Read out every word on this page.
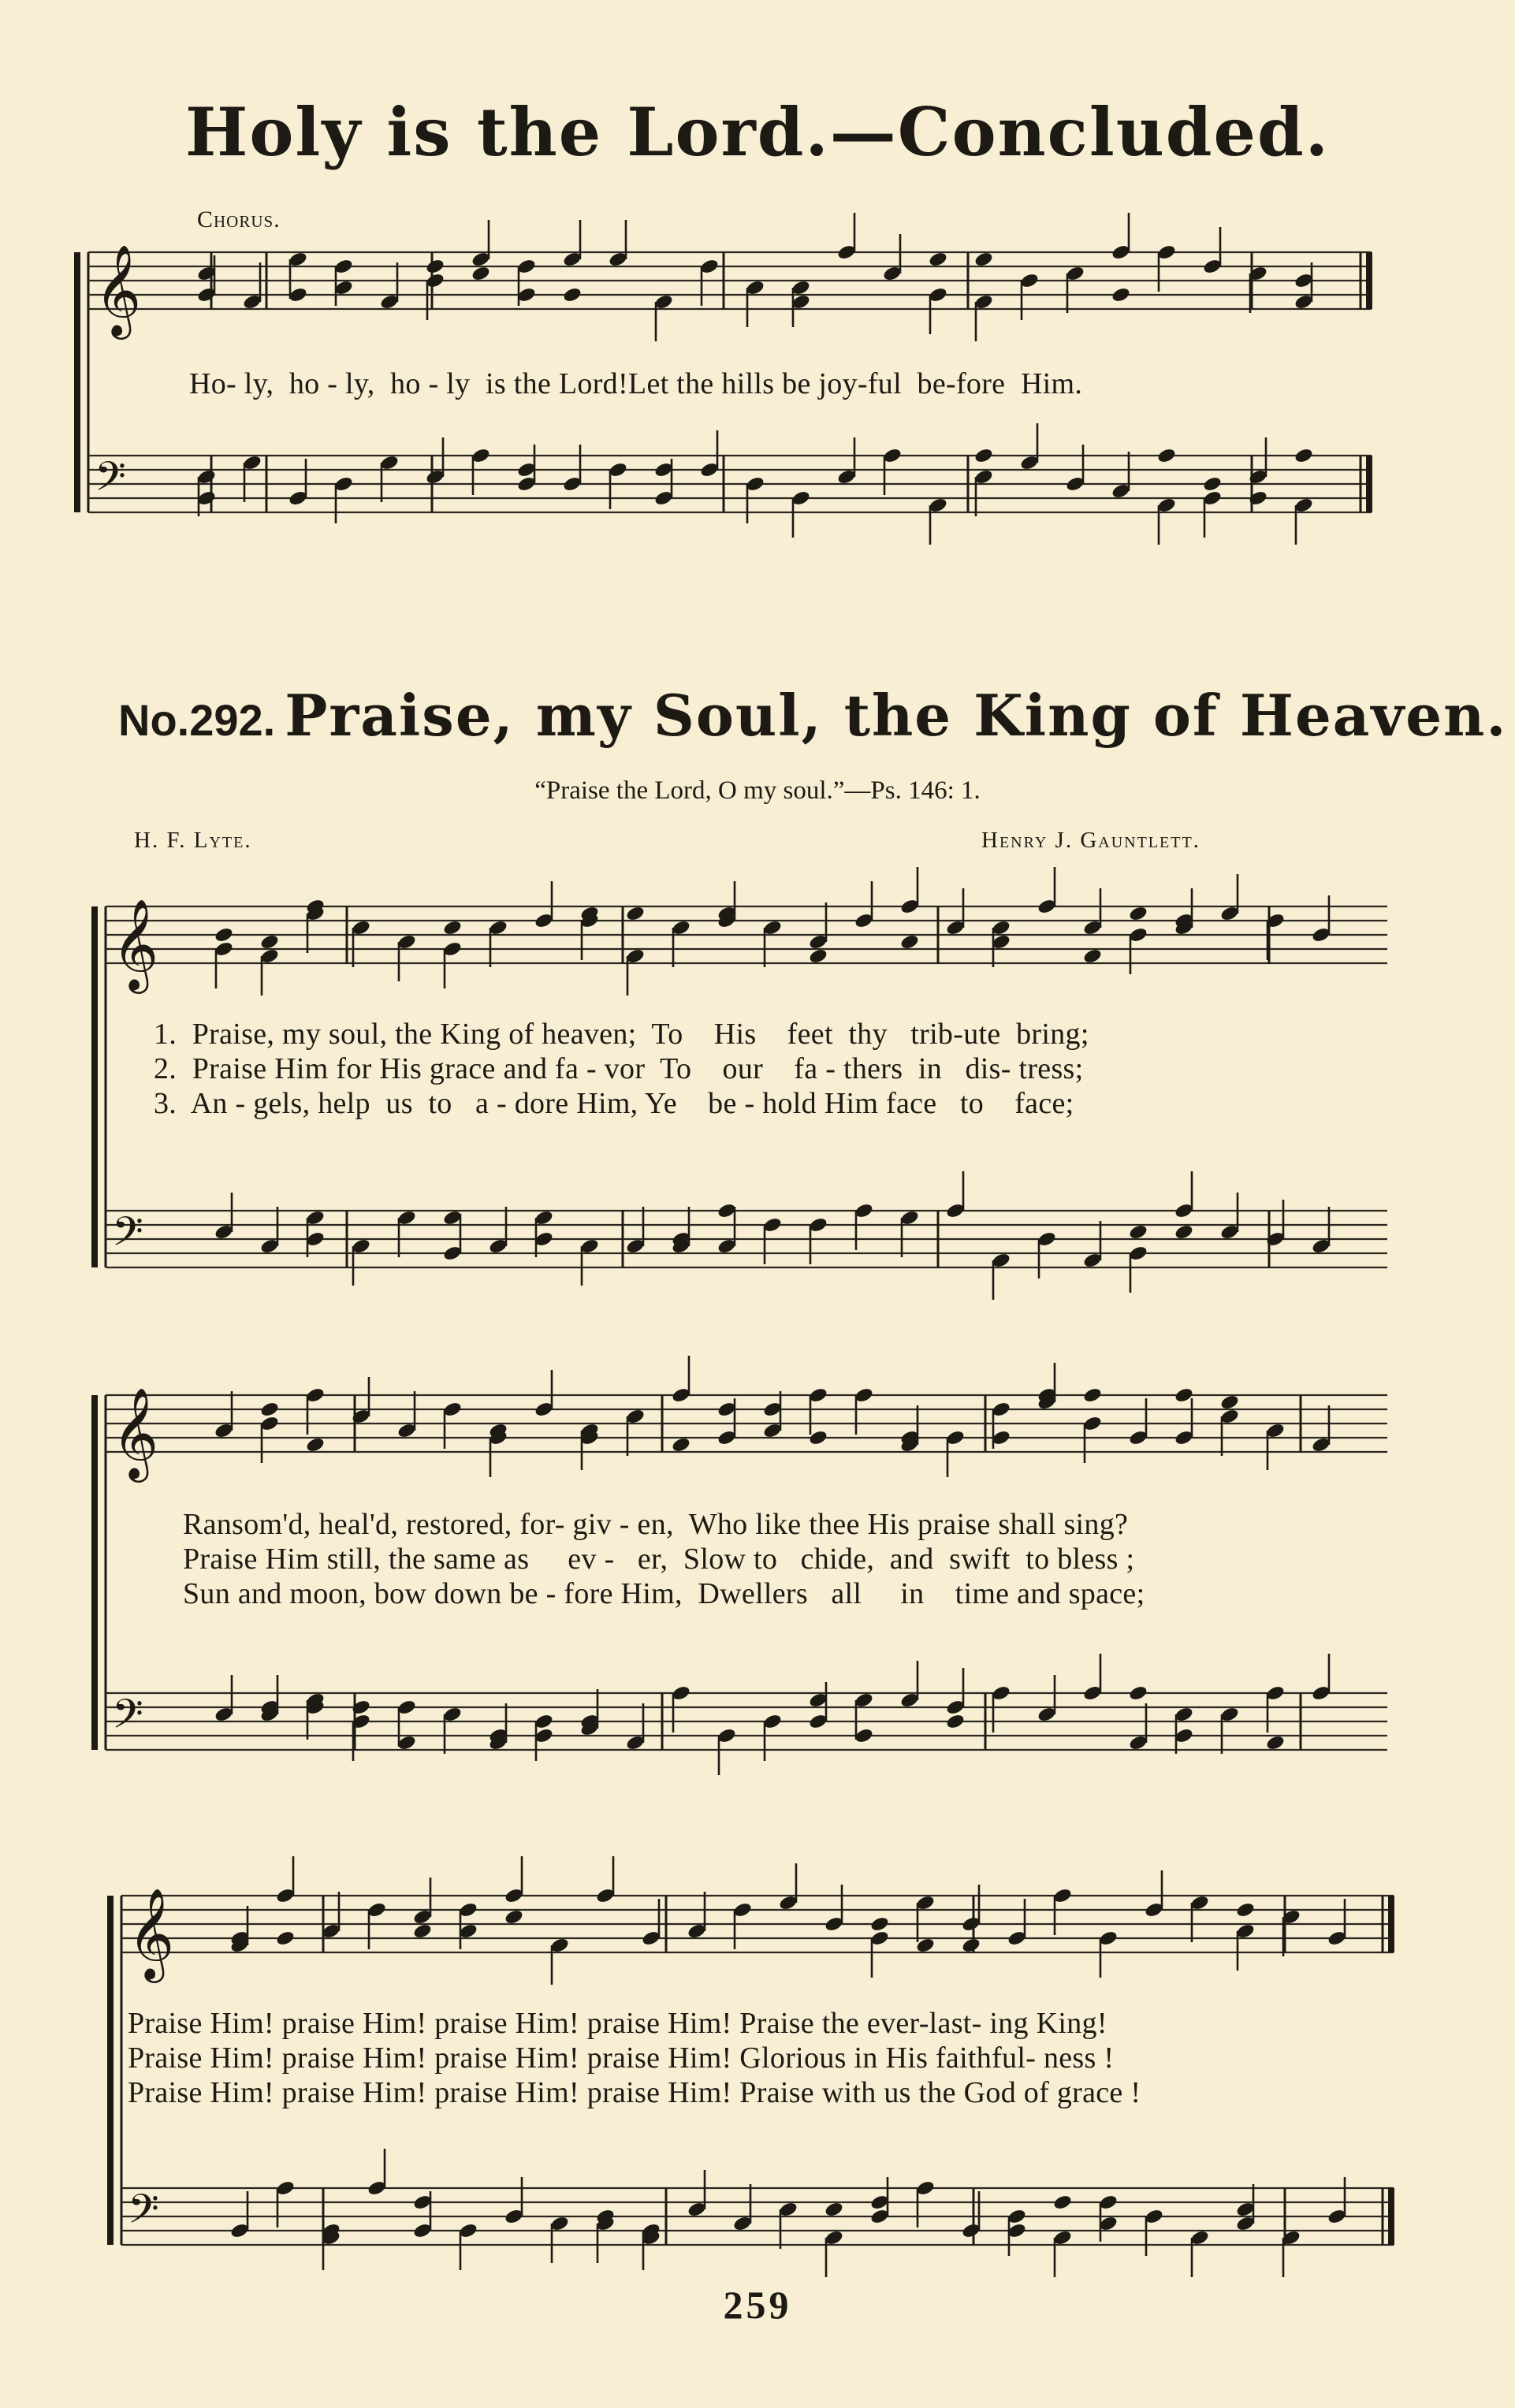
Holy is the Lord.—Concluded.
Chorus.
𝄞
𝄢
𝄞
𝄢
𝄞
𝄢
𝄞
𝄢
Ho- ly,  ho - ly,  ho - ly  is the Lord!Let the hills be joy-ful  be-fore  Him.
No.292. Praise, my Soul, the King of Heaven.
“Praise the Lord, O my soul.”—Ps. 146: 1.
H. F. Lyte.	Henry J. Gauntlett.
1.  Praise, my soul, the King of heaven;  To    His    feet  thy   trib-ute  bring;
2.  Praise Him for His grace and fa - vor  To    our    fa - thers  in   dis- tress;
3.  An - gels, help  us  to   a - dore Him, Ye    be - hold Him face   to    face;
Ransom'd, heal'd, restored, for- giv - en,  Who like thee His praise shall sing?
Praise Him still, the same as     ev -   er,  Slow to   chide,  and  swift  to bless ;
Sun and moon, bow down be - fore Him,  Dwellers   all     in    time and space;
Praise Him! praise Him! praise Him! praise Him! Praise the ever-last- ing King!
Praise Him! praise Him! praise Him! praise Him! Glorious in His faithful- ness !
Praise Him! praise Him! praise Him! praise Him! Praise with us the God of grace !
259
